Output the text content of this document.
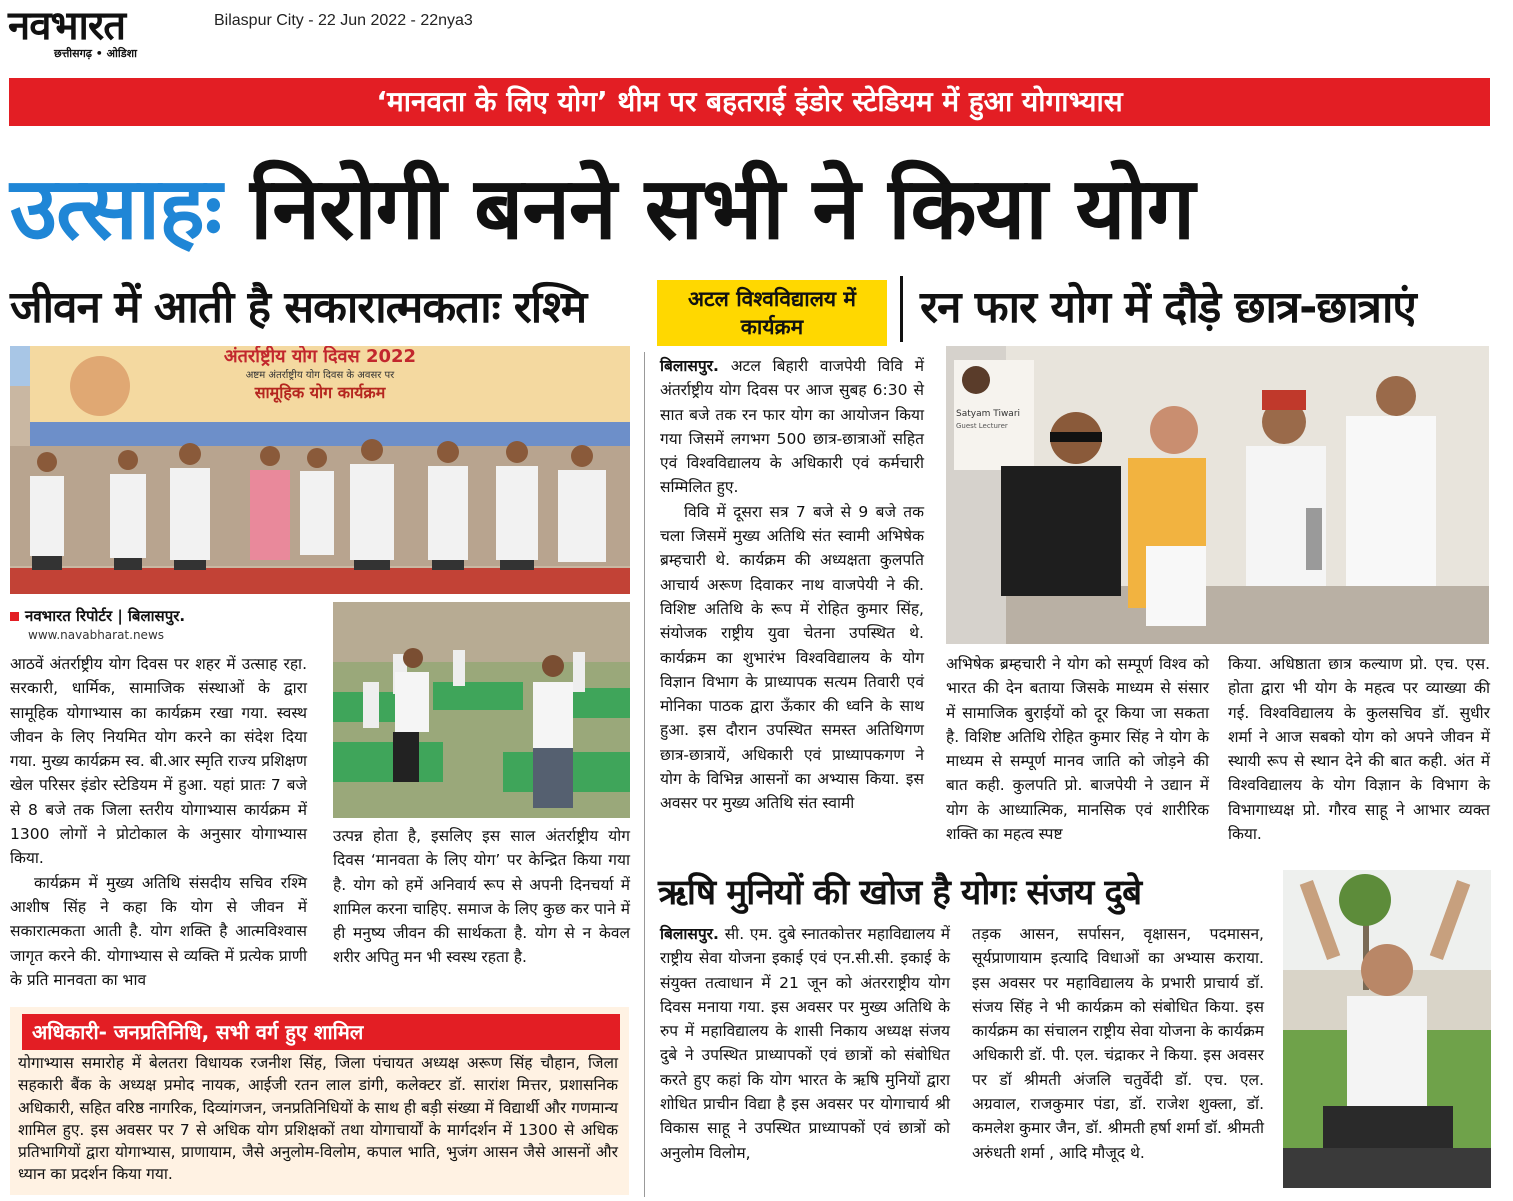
नवभारत
छत्तीसगढ़ • ओडिशा
Bilaspur City - 22 Jun 2022 - 22nya3
‘मानवता के लिए योग’ थीम पर बहतराई इंडोर स्टेडियम में हुआ योगाभ्यास
उत्साहः निरोगी बनने सभी ने किया योग
जीवन में आती है सकारात्मकताः रश्मि	अटल विश्वविद्यालय में कार्यक्रम	रन फार योग में दौड़े छात्र-छात्राएं
अंतर्राष्ट्रीय योग दिवस 2022
अष्टम अंतर्राष्ट्रीय योग दिवस के अवसर पर
सामूहिक योग कार्यक्रम
नवभारत रिपोर्टर | बिलासपुर.
www.navabharat.news

आठवें अंतर्राष्ट्रीय योग दिवस पर शहर में उत्साह रहा. सरकारी, धार्मिक, सामाजिक संस्थाओं के द्वारा सामूहिक योगाभ्यास का कार्यक्रम रखा गया. स्वस्थ जीवन के लिए नियमित योग करने का संदेश दिया गया. मुख्य कार्यक्रम स्व. बी.आर स्मृति राज्य प्रशिक्षण खेल परिसर इंडोर स्टेडियम में हुआ. यहां प्रातः 7 बजे से 8 बजे तक जिला स्तरीय योगाभ्यास कार्यक्रम में 1300 लोगों ने प्रोटोकाल के अनुसार योगाभ्यास किया.

कार्यक्रम में मुख्य अतिथि संसदीय सचिव रश्मि आशीष सिंह ने कहा कि योग से जीवन में सकारात्मकता आती है. योग शक्ति है आत्मविश्वास जागृत करने की. योगाभ्यास से व्यक्ति में प्रत्येक प्राणी के प्रति मानवता का भाव

उत्पन्न होता है, इसलिए इस साल अंतर्राष्ट्रीय योग दिवस ‘मानवता के लिए योग’ पर केन्द्रित किया गया है. योग को हमें अनिवार्य रूप से अपनी दिनचर्या में शामिल करना चाहिए. समाज के लिए कुछ कर पाने में ही मनुष्य जीवन की सार्थकता है. योग से न केवल शरीर अपितु मन भी स्वस्थ रहता है.

अधिकारी- जनप्रतिनिधि, सभी वर्ग हुए शामिल
योगाभ्यास समारोह में बेलतरा विधायक रजनीश सिंह, जिला पंचायत अध्यक्ष अरूण सिंह चौहान, जिला सहकारी बैंक के अध्यक्ष प्रमोद नायक, आईजी रतन लाल डांगी, कलेक्टर डॉ. सारांश मित्तर, प्रशासनिक अधिकारी, सहित वरिष्ठ नागरिक, दिव्यांगजन, जनप्रतिनिधियों के साथ ही बड़ी संख्या में विद्यार्थी और गणमान्य शामिल हुए. इस अवसर पर 7 से अधिक योग प्रशिक्षकों तथा योगाचार्यों के मार्गदर्शन में 1300 से अधिक प्रतिभागियों द्वारा योगाभ्यास, प्राणायाम, जैसे अनुलोम-विलोम, कपाल भाति, भुजंग आसन जैसे आसनों और ध्यान का प्रदर्शन किया गया.

बिलासपुर. अटल बिहारी वाजपेयी विवि में अंतर्राष्ट्रीय योग दिवस पर आज सुबह 6:30 से सात बजे तक रन फार योग का आयोजन किया गया जिसमें लगभग 500 छात्र-छात्राओं सहित एवं विश्वविद्यालय के अधिकारी एवं कर्मचारी सम्मिलित हुए.

विवि में दूसरा सत्र 7 बजे से 9 बजे तक चला जिसमें मुख्य अतिथि संत स्वामी अभिषेक ब्रम्हचारी थे. कार्यक्रम की अध्यक्षता कुलपति आचार्य अरूण दिवाकर नाथ वाजपेयी ने की. विशिष्ट अतिथि के रूप में रोहित कुमार सिंह, संयोजक राष्ट्रीय युवा चेतना उपस्थित थे. कार्यक्रम का शुभारंभ विश्वविद्यालय के योग विज्ञान विभाग के प्राध्यापक सत्यम तिवारी एवं मोनिका पाठक द्वारा ऊँकार की ध्वनि के साथ हुआ. इस दौरान उपस्थित समस्त अतिथिगण छात्र-छात्रायें, अधिकारी एवं प्राध्यापकगण ने योग के विभिन्न आसनों का अभ्यास किया. इस अवसर पर मुख्य अतिथि संत स्वामी

Satyam Tiwari
Guest Lecturer

अभिषेक ब्रम्हचारी ने योग को सम्पूर्ण विश्व को भारत की देन बताया जिसके माध्यम से संसार में सामाजिक बुराईयों को दूर किया जा सकता है. विशिष्ट अतिथि रोहित कुमार सिंह ने योग के माध्यम से सम्पूर्ण मानव जाति को जोड़ने की बात कही. कुलपति प्रो. बाजपेयी ने उद्यान में योग के आध्यात्मिक, मानसिक एवं शारीरिक शक्ति का महत्व स्पष्ट

किया. अधिष्ठाता छात्र कल्याण प्रो. एच. एस. होता द्वारा भी योग के महत्व पर व्याख्या की गई. विश्वविद्यालय के कुलसचिव डॉ. सुधीर शर्मा ने आज सबको योग को अपने जीवन में स्थायी रूप से स्थान देने की बात कही. अंत में विश्वविद्यालय के योग विज्ञान के विभाग के विभागाध्यक्ष प्रो. गौरव साहू ने आभार व्यक्त किया.

ऋषि मुनियों की खोज है योगः संजय दुबे

बिलासपुर. सी. एम. दुबे स्नातकोत्तर महाविद्यालय में राष्ट्रीय सेवा योजना इकाई एवं एन.सी.सी. इकाई के संयुक्त तत्वाधान में 21 जून को अंतरराष्ट्रीय योग दिवस मनाया गया. इस अवसर पर मुख्य अतिथि के रुप में महाविद्यालय के शासी निकाय अध्यक्ष संजय दुबे ने उपस्थित प्राध्यापकों एवं छात्रों को संबोधित करते हुए कहां कि योग भारत के ऋषि मुनियों द्वारा शोधित प्राचीन विद्या है इस अवसर पर योगाचार्य श्री विकास साहू ने उपस्थित प्राध्यापकों एवं छात्रों को अनुलोम विलोम,

तड़क आसन, सर्पासन, वृक्षासन, पदमासन, सूर्यप्राणायाम इत्यादि विधाओं का अभ्यास कराया. इस अवसर पर महाविद्यालय के प्रभारी प्राचार्य डॉ. संजय सिंह ने भी कार्यक्रम को संबोधित किया. इस कार्यक्रम का संचालन राष्ट्रीय सेवा योजना के कार्यक्रम अधिकारी डॉ. पी. एल. चंद्राकर ने किया. इस अवसर पर डॉ श्रीमती अंजलि चतुर्वेदी डॉ. एच. एल. अग्रवाल, राजकुमार पंडा, डॉ. राजेश शुक्ला, डॉ. कमलेश कुमार जैन, डॉ. श्रीमती हर्षा शर्मा डॉ. श्रीमती अरुंधती शर्मा , आदि मौजूद थे.
